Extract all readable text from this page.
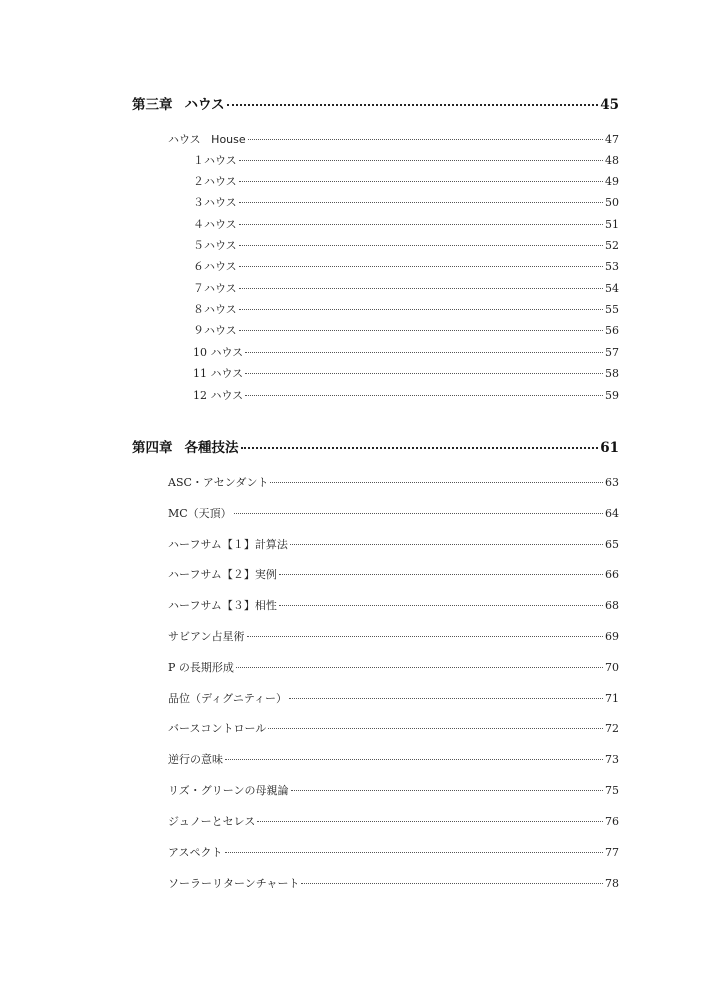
第三章 ハウス	45
ハウス House	47
１ハウス	48
２ハウス	49
３ハウス	50
４ハウス	51
５ハウス	52
６ハウス	53
７ハウス	54
８ハウス	55
９ハウス	56
10 ハウス	57
11 ハウス	58
12 ハウス	59
第四章 各種技法	61
ASC・アセンダント	63
MC（天頂）	64
ハーフサム【１】計算法	65
ハーフサム【２】実例	66
ハーフサム【３】相性	68
サビアン占星術	69
P の長期形成	70
品位（ディグニティー）	71
バースコントロール	72
逆行の意味	73
リズ・グリーンの母親論	75
ジュノーとセレス	76
アスペクト	77
ソーラーリターンチャート	78
